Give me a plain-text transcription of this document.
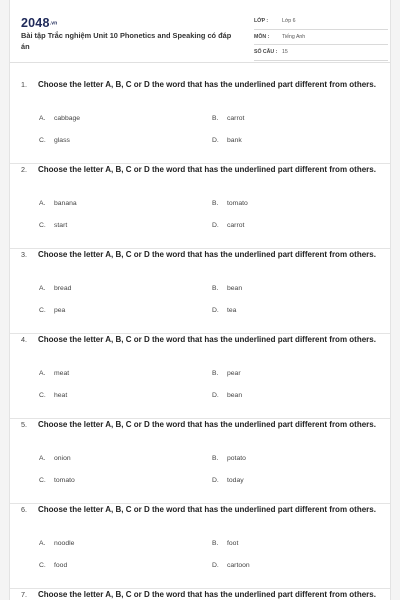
2048.vn
Bài tập Trắc nghiệm Unit 10 Phonetics and Speaking có đáp án
LỚP :	Lớp 6
MÔN :	Tiếng Anh
SỐ CÂU : 15
1.	Choose the letter A, B, C or D the word that has the underlined part different from others.
A.	cabbage	B.	carrot
C.	glass	D.	bank
2.	Choose the letter A, B, C or D the word that has the underlined part different from others.
A.	banana	B.	tomato
C.	start	D.	carrot
3.	Choose the letter A, B, C or D the word that has the underlined part different from others.
A.	bread	B.	bean
C.	pea	D.	tea
4.	Choose the letter A, B, C or D the word that has the underlined part different from others.
A.	meat	B.	pear
C.	heat	D.	bean
5.	Choose the letter A, B, C or D the word that has the underlined part different from others.
A.	onion	B.	potato
C.	tomato	D.	today
6.	Choose the letter A, B, C or D the word that has the underlined part different from others.
A.	noodle	B.	foot
C.	food	D.	cartoon
7.	Choose the letter A, B, C or D the word that has the underlined part different from others.
